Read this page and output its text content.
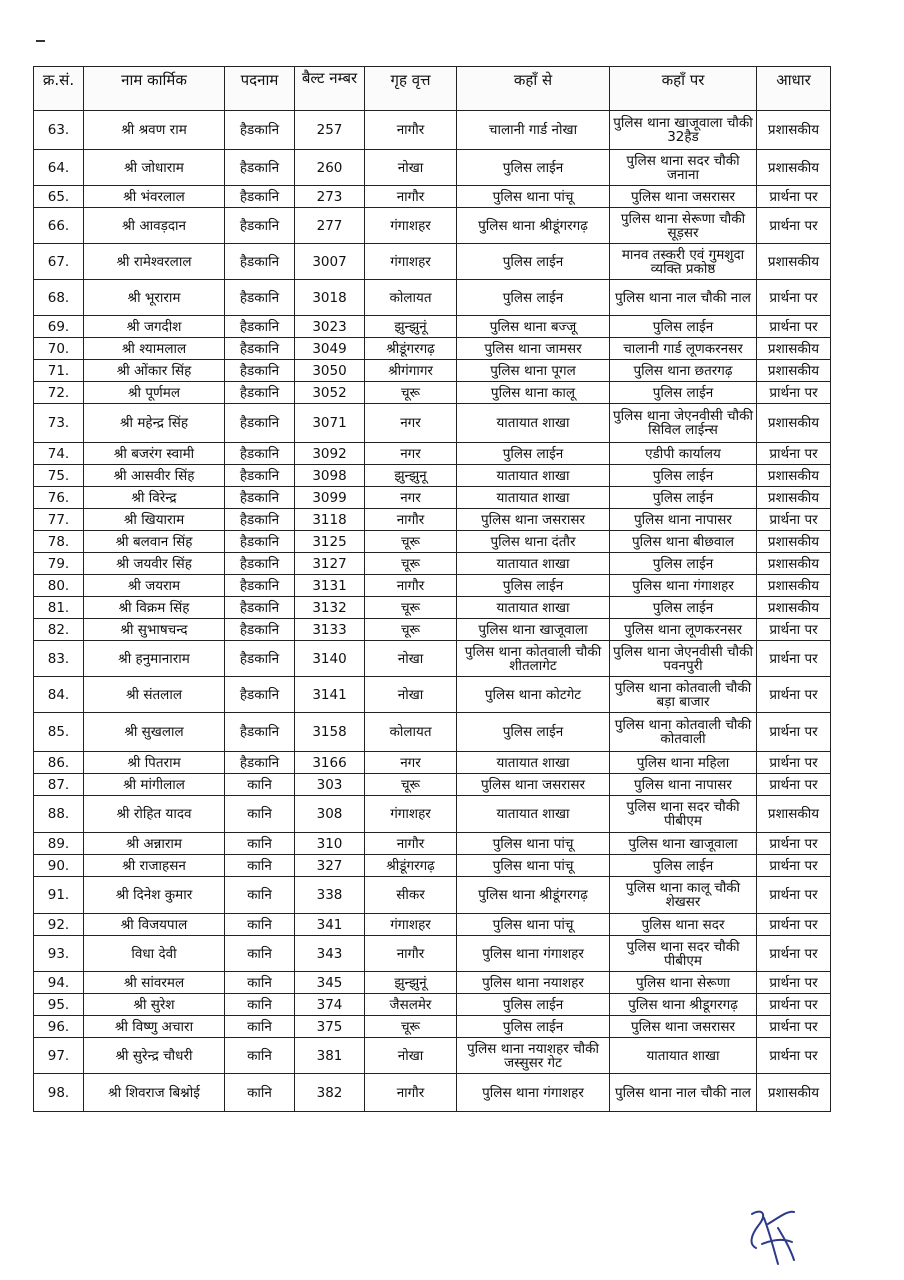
क्र.सं.	नाम कार्मिक	पदनाम	बैल्ट नम्बर	गृह वृत्त	कहाँ से	कहाँ पर	आधार
63.	श्री श्रवण राम	हैडकानि	257	नागौर	चालानी गार्ड नोखा	पुलिस थाना खाजूवाला चौकी 32हैड	प्रशासकीय
64.	श्री जोधाराम	हैडकानि	260	नोखा	पुलिस लाईन	पुलिस थाना सदर चौकी जनाना	प्रशासकीय
65.	श्री भंवरलाल	हैडकानि	273	नागौर	पुलिस थाना पांचू	पुलिस थाना जसरासर	प्रार्थना पर
66.	श्री आवड़दान	हैडकानि	277	गंगाशहर	पुलिस थाना श्रीडूंगरगढ़	पुलिस थाना सेरूणा चौकी सूड़सर	प्रार्थना पर
67.	श्री रामेश्वरलाल	हैडकानि	3007	गंगाशहर	पुलिस लाईन	मानव तस्करी एवं गुमशुदा व्यक्ति प्रकोष्ठ	प्रशासकीय
68.	श्री भूराराम	हैडकानि	3018	कोलायत	पुलिस लाईन	पुलिस थाना नाल चौकी नाल	प्रार्थना पर
69.	श्री जगदीश	हैडकानि	3023	झुन्झुनूं	पुलिस थाना बज्जू	पुलिस लाईन	प्रार्थना पर
70.	श्री श्यामलाल	हैडकानि	3049	श्रीडूंगरगढ़	पुलिस थाना जामसर	चालानी गार्ड लूणकरनसर	प्रशासकीय
71.	श्री ओंकार सिंह	हैडकानि	3050	श्रीगंगागर	पुलिस थाना पूगल	पुलिस थाना छतरगढ़	प्रशासकीय
72.	श्री पूर्णमल	हैडकानि	3052	चूरू	पुलिस थाना कालू	पुलिस लाईन	प्रार्थना पर
73.	श्री महेन्द्र सिंह	हैडकानि	3071	नगर	यातायात शाखा	पुलिस थाना जेएनवीसी चौकी सिविल लाईन्स	प्रशासकीय
74.	श्री बजरंग स्वामी	हैडकानि	3092	नगर	पुलिस लाईन	एडीपी कार्यालय	प्रार्थना पर
75.	श्री आसवीर सिंह	हैडकानि	3098	झुन्झुनू	यातायात शाखा	पुलिस लाईन	प्रशासकीय
76.	श्री विरेन्द्र	हैडकानि	3099	नगर	यातायात शाखा	पुलिस लाईन	प्रशासकीय
77.	श्री खियाराम	हैडकानि	3118	नागौर	पुलिस थाना जसरासर	पुलिस थाना नापासर	प्रार्थना पर
78.	श्री बलवान सिंह	हैडकानि	3125	चूरू	पुलिस थाना दंतौर	पुलिस थाना बीछवाल	प्रशासकीय
79.	श्री जयवीर सिंह	हैडकानि	3127	चूरू	यातायात शाखा	पुलिस लाईन	प्रशासकीय
80.	श्री जयराम	हैडकानि	3131	नागौर	पुलिस लाईन	पुलिस थाना गंगाशहर	प्रशासकीय
81.	श्री विक्रम सिंह	हैडकानि	3132	चूरू	यातायात शाखा	पुलिस लाईन	प्रशासकीय
82.	श्री सुभाषचन्द	हैडकानि	3133	चूरू	पुलिस थाना खाजूवाला	पुलिस थाना लूणकरनसर	प्रार्थना पर
83.	श्री हनुमानाराम	हैडकानि	3140	नोखा	पुलिस थाना कोतवाली चौकी शीतलागेट	पुलिस थाना जेएनवीसी चौकी पवनपुरी	प्रार्थना पर
84.	श्री संतलाल	हैडकानि	3141	नोखा	पुलिस थाना कोटगेट	पुलिस थाना कोतवाली चौकी बड़ा बाजार	प्रार्थना पर
85.	श्री सुखलाल	हैडकानि	3158	कोलायत	पुलिस लाईन	पुलिस थाना कोतवाली चौकी कोतवाली	प्रार्थना पर
86.	श्री पितराम	हैडकानि	3166	नगर	यातायात शाखा	पुलिस थाना महिला	प्रार्थना पर
87.	श्री मांगीलाल	कानि	303	चूरू	पुलिस थाना जसरासर	पुलिस थाना नापासर	प्रार्थना पर
88.	श्री रोहित यादव	कानि	308	गंगाशहर	यातायात शाखा	पुलिस थाना सदर चौकी पीबीएम	प्रशासकीय
89.	श्री अन्नाराम	कानि	310	नागौर	पुलिस थाना पांचू	पुलिस थाना खाजूवाला	प्रार्थना पर
90.	श्री राजाहसन	कानि	327	श्रीडूंगरगढ़	पुलिस थाना पांचू	पुलिस लाईन	प्रार्थना पर
91.	श्री दिनेश कुमार	कानि	338	सीकर	पुलिस थाना श्रीडूंगरगढ़	पुलिस थाना कालू चौकी शेखसर	प्रार्थना पर
92.	श्री विजयपाल	कानि	341	गंगाशहर	पुलिस थाना पांचू	पुलिस थाना सदर	प्रार्थना पर
93.	विधा देवी	कानि	343	नागौर	पुलिस थाना गंगाशहर	पुलिस थाना सदर चौकी पीबीएम	प्रार्थना पर
94.	श्री सांवरमल	कानि	345	झुन्झुनूं	पुलिस थाना नयाशहर	पुलिस थाना सेरूणा	प्रार्थना पर
95.	श्री सुरेश	कानि	374	जैसलमेर	पुलिस लाईन	पुलिस थाना श्रीडूगरगढ़	प्रार्थना पर
96.	श्री विष्णु अचारा	कानि	375	चूरू	पुलिस लाईन	पुलिस थाना जसरासर	प्रार्थना पर
97.	श्री सुरेन्द्र चौधरी	कानि	381	नोखा	पुलिस थाना नयाशहर चौकी जस्सुसर गेट	यातायात शाखा	प्रार्थना पर
98.	श्री शिवराज बिश्नोई	कानि	382	नागौर	पुलिस थाना गंगाशहर	पुलिस थाना नाल चौकी नाल	प्रशासकीय
